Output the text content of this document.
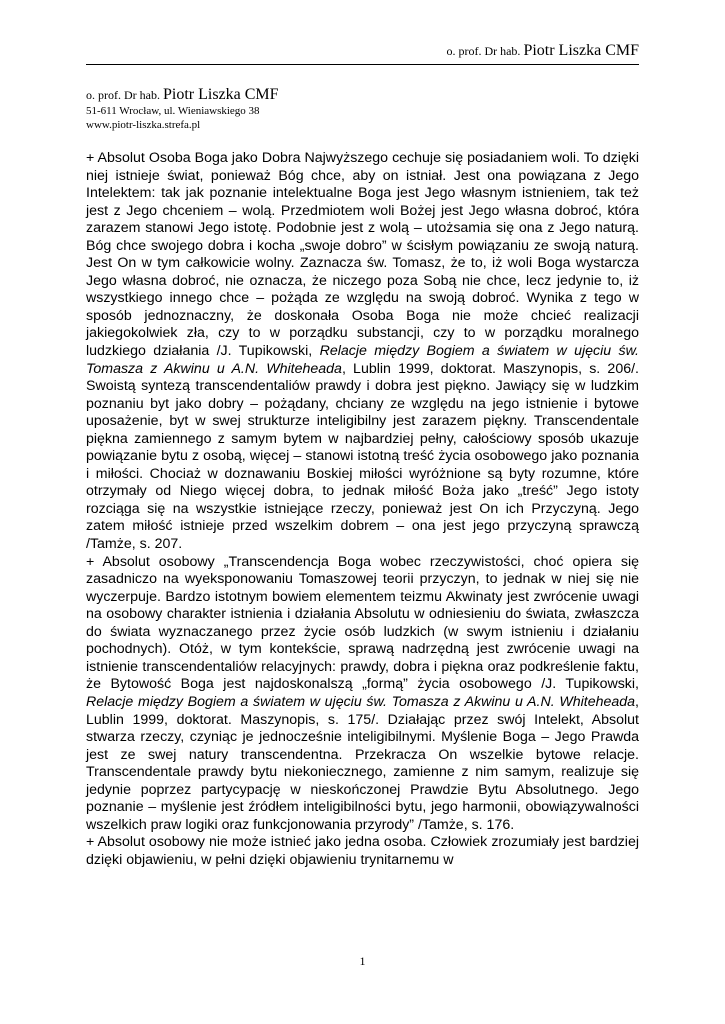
o. prof. Dr hab. Piotr Liszka CMF
o. prof. Dr hab. Piotr Liszka CMF
51-611 Wrocław, ul. Wieniawskiego 38
www.piotr-liszka.strefa.pl

+ Absolut Osoba Boga jako Dobra Najwyższego cechuje się posiadaniem woli. To dzięki niej istnieje świat, ponieważ Bóg chce, aby on istniał. Jest ona powiązana z Jego Intelektem: tak jak poznanie intelektualne Boga jest Jego własnym istnieniem, tak też jest z Jego chceniem – wolą. Przedmiotem woli Bożej jest Jego własna dobroć, która zarazem stanowi Jego istotę. Podobnie jest z wolą – utożsamia się ona z Jego naturą. Bóg chce swojego dobra i kocha „swoje dobro” w ścisłym powiązaniu ze swoją naturą. Jest On w tym całkowicie wolny. Zaznacza św. Tomasz, że to, iż woli Boga wystarcza Jego własna dobroć, nie oznacza, że niczego poza Sobą nie chce, lecz jedynie to, iż wszystkiego innego chce – pożąda ze względu na swoją dobroć. Wynika z tego w sposób jednoznaczny, że doskonała Osoba Boga nie może chcieć realizacji jakiegokolwiek zła, czy to w porządku substancji, czy to w porządku moralnego ludzkiego działania /J. Tupikowski, Relacje między Bogiem a światem w ujęciu św. Tomasza z Akwinu u A.N. Whiteheada, Lublin 1999, doktorat. Maszynopis, s. 206/. Swoistą syntezą transcendentaliów prawdy i dobra jest piękno. Jawiący się w ludzkim poznaniu byt jako dobry – pożądany, chciany ze względu na jego istnienie i bytowe uposażenie, byt w swej strukturze inteligibilny jest zarazem piękny. Transcendentale piękna zamiennego z samym bytem w najbardziej pełny, całościowy sposób ukazuje powiązanie bytu z osobą, więcej – stanowi istotną treść życia osobowego jako poznania i miłości. Chociaż w doznawaniu Boskiej miłości wyróżnione są byty rozumne, które otrzymały od Niego więcej dobra, to jednak miłość Boża jako „treść” Jego istoty rozciąga się na wszystkie istniejące rzeczy, ponieważ jest On ich Przyczyną. Jego zatem miłość istnieje przed wszelkim dobrem – ona jest jego przyczyną sprawczą /Tamże, s. 207.

+ Absolut osobowy „Transcendencja Boga wobec rzeczywistości, choć opiera się zasadniczo na wyeksponowaniu Tomaszowej teorii przyczyn, to jednak w niej się nie wyczerpuje. Bardzo istotnym bowiem elementem teizmu Akwinaty jest zwrócenie uwagi na osobowy charakter istnienia i działania Absolutu w odniesieniu do świata, zwłaszcza do świata wyznaczanego przez życie osób ludzkich (w swym istnieniu i działaniu pochodnych). Otóż, w tym kontekście, sprawą nadrzędną jest zwrócenie uwagi na istnienie transcendentaliów relacyjnych: prawdy, dobra i piękna oraz podkreślenie faktu, że Bytowość Boga jest najdoskonalszą „formą” życia osobowego /J. Tupikowski, Relacje między Bogiem a światem w ujęciu św. Tomasza z Akwinu u A.N. Whiteheada, Lublin 1999, doktorat. Maszynopis, s. 175/. Działając przez swój Intelekt, Absolut stwarza rzeczy, czyniąc je jednocześnie inteligibilnymi. Myślenie Boga – Jego Prawda jest ze swej natury transcendentna. Przekracza On wszelkie bytowe relacje. Transcendentale prawdy bytu niekoniecznego, zamienne z nim samym, realizuje się jedynie poprzez partycypację w nieskończonej Prawdzie Bytu Absolutnego. Jego poznanie – myślenie jest źródłem inteligibilności bytu, jego harmonii, obowiązywalności wszelkich praw logiki oraz funkcjonowania przyrody” /Tamże, s. 176.

+ Absolut osobowy nie może istnieć jako jedna osoba. Człowiek zrozumiały jest bardziej dzięki objawieniu, w pełni dzięki objawieniu trynitarnemu w

1
